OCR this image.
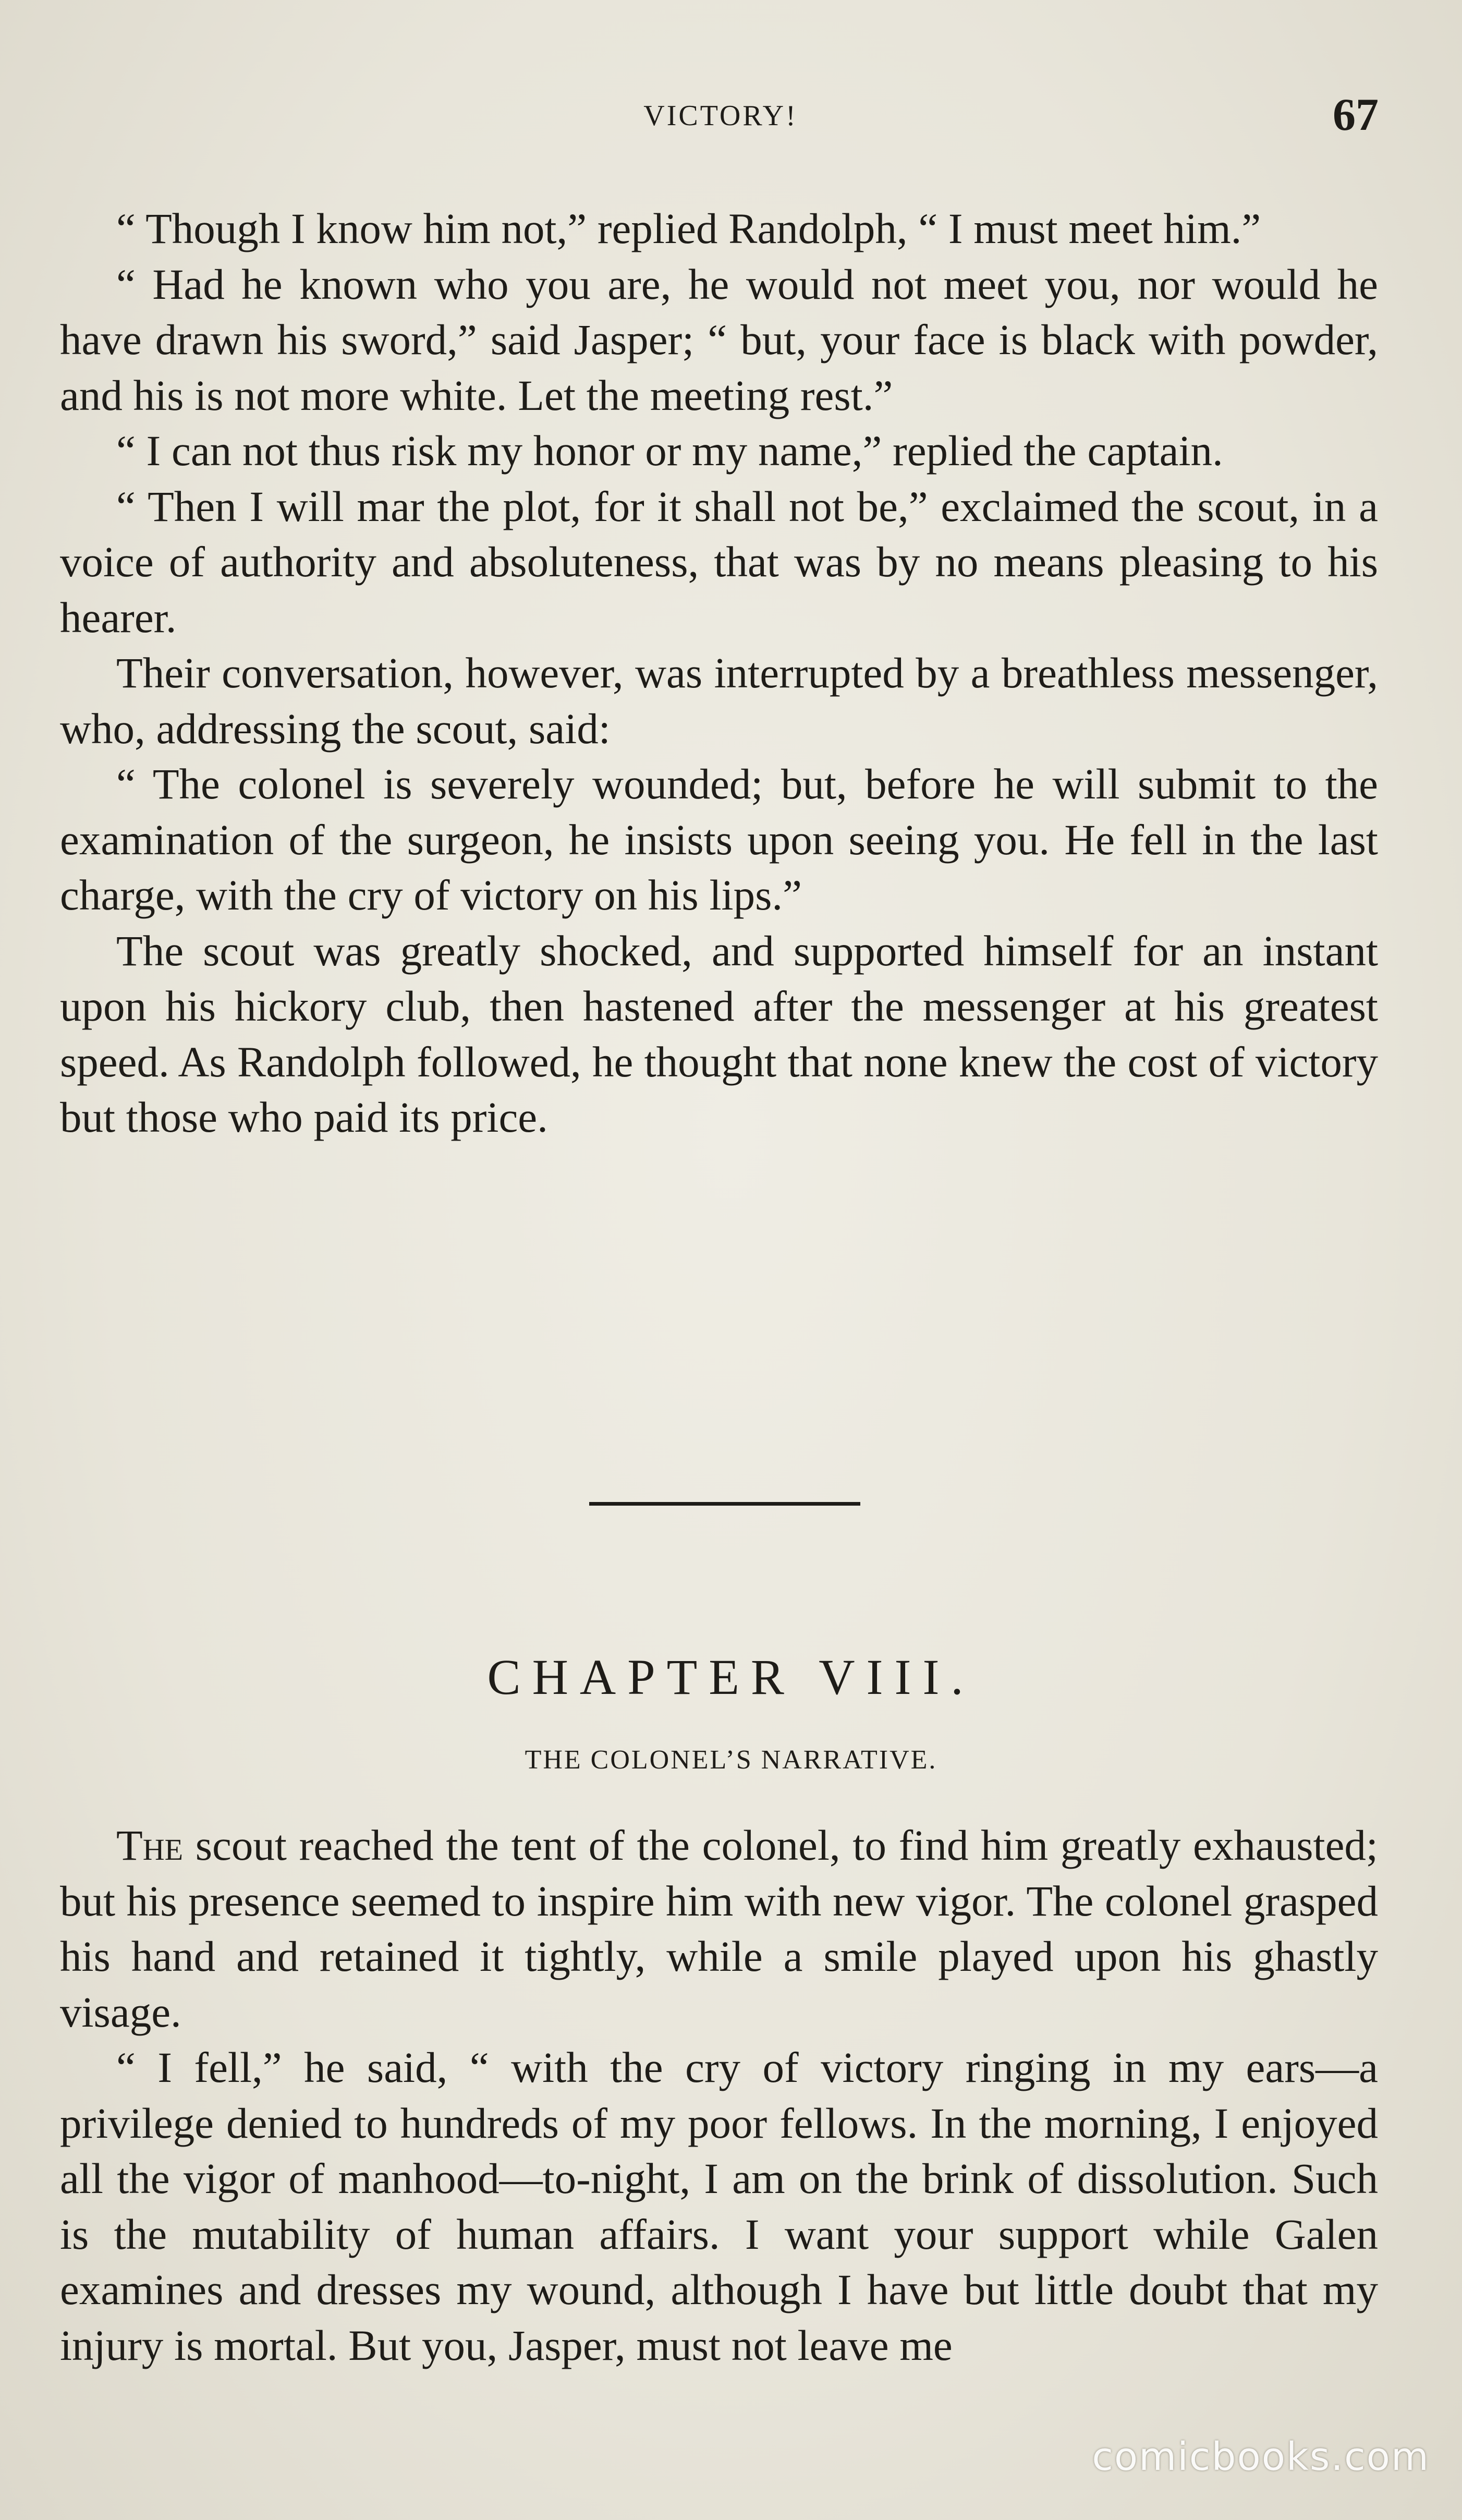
VICTORY!	67

“ Though I know him not,” replied Randolph, “ I must meet him.”

“ Had he known who you are, he would not meet you, nor would he have drawn his sword,” said Jasper; “ but, your face is black with powder, and his is not more white. Let the meeting rest.”

“ I can not thus risk my honor or my name,” replied the captain.

“ Then I will mar the plot, for it shall not be,” exclaimed the scout, in a voice of authority and absoluteness, that was by no means pleasing to his hearer.

Their conversation, however, was interrupted by a breathless messenger, who, addressing the scout, said:

“ The colonel is severely wounded; but, before he will submit to the examination of the surgeon, he insists upon seeing you. He fell in the last charge, with the cry of victory on his lips.”

The scout was greatly shocked, and supported himself for an instant upon his hickory club, then hastened after the messenger at his greatest speed. As Randolph followed, he thought that none knew the cost of victory but those who paid its price.

CHAPTER VIII.
THE COLONEL’S NARRATIVE.

The scout reached the tent of the colonel, to find him greatly exhausted; but his presence seemed to inspire him with new vigor. The colonel grasped his hand and retained it tightly, while a smile played upon his ghastly visage.

“ I fell,” he said, “ with the cry of victory ringing in my ears—a privilege denied to hundreds of my poor fellows. In the morning, I enjoyed all the vigor of manhood—to-night, I am on the brink of dissolution. Such is the mutability of human affairs. I want your support while Galen examines and dresses my wound, although I have but little doubt that my injury is mortal. But you, Jasper, must not leave me

comicbooks.com
